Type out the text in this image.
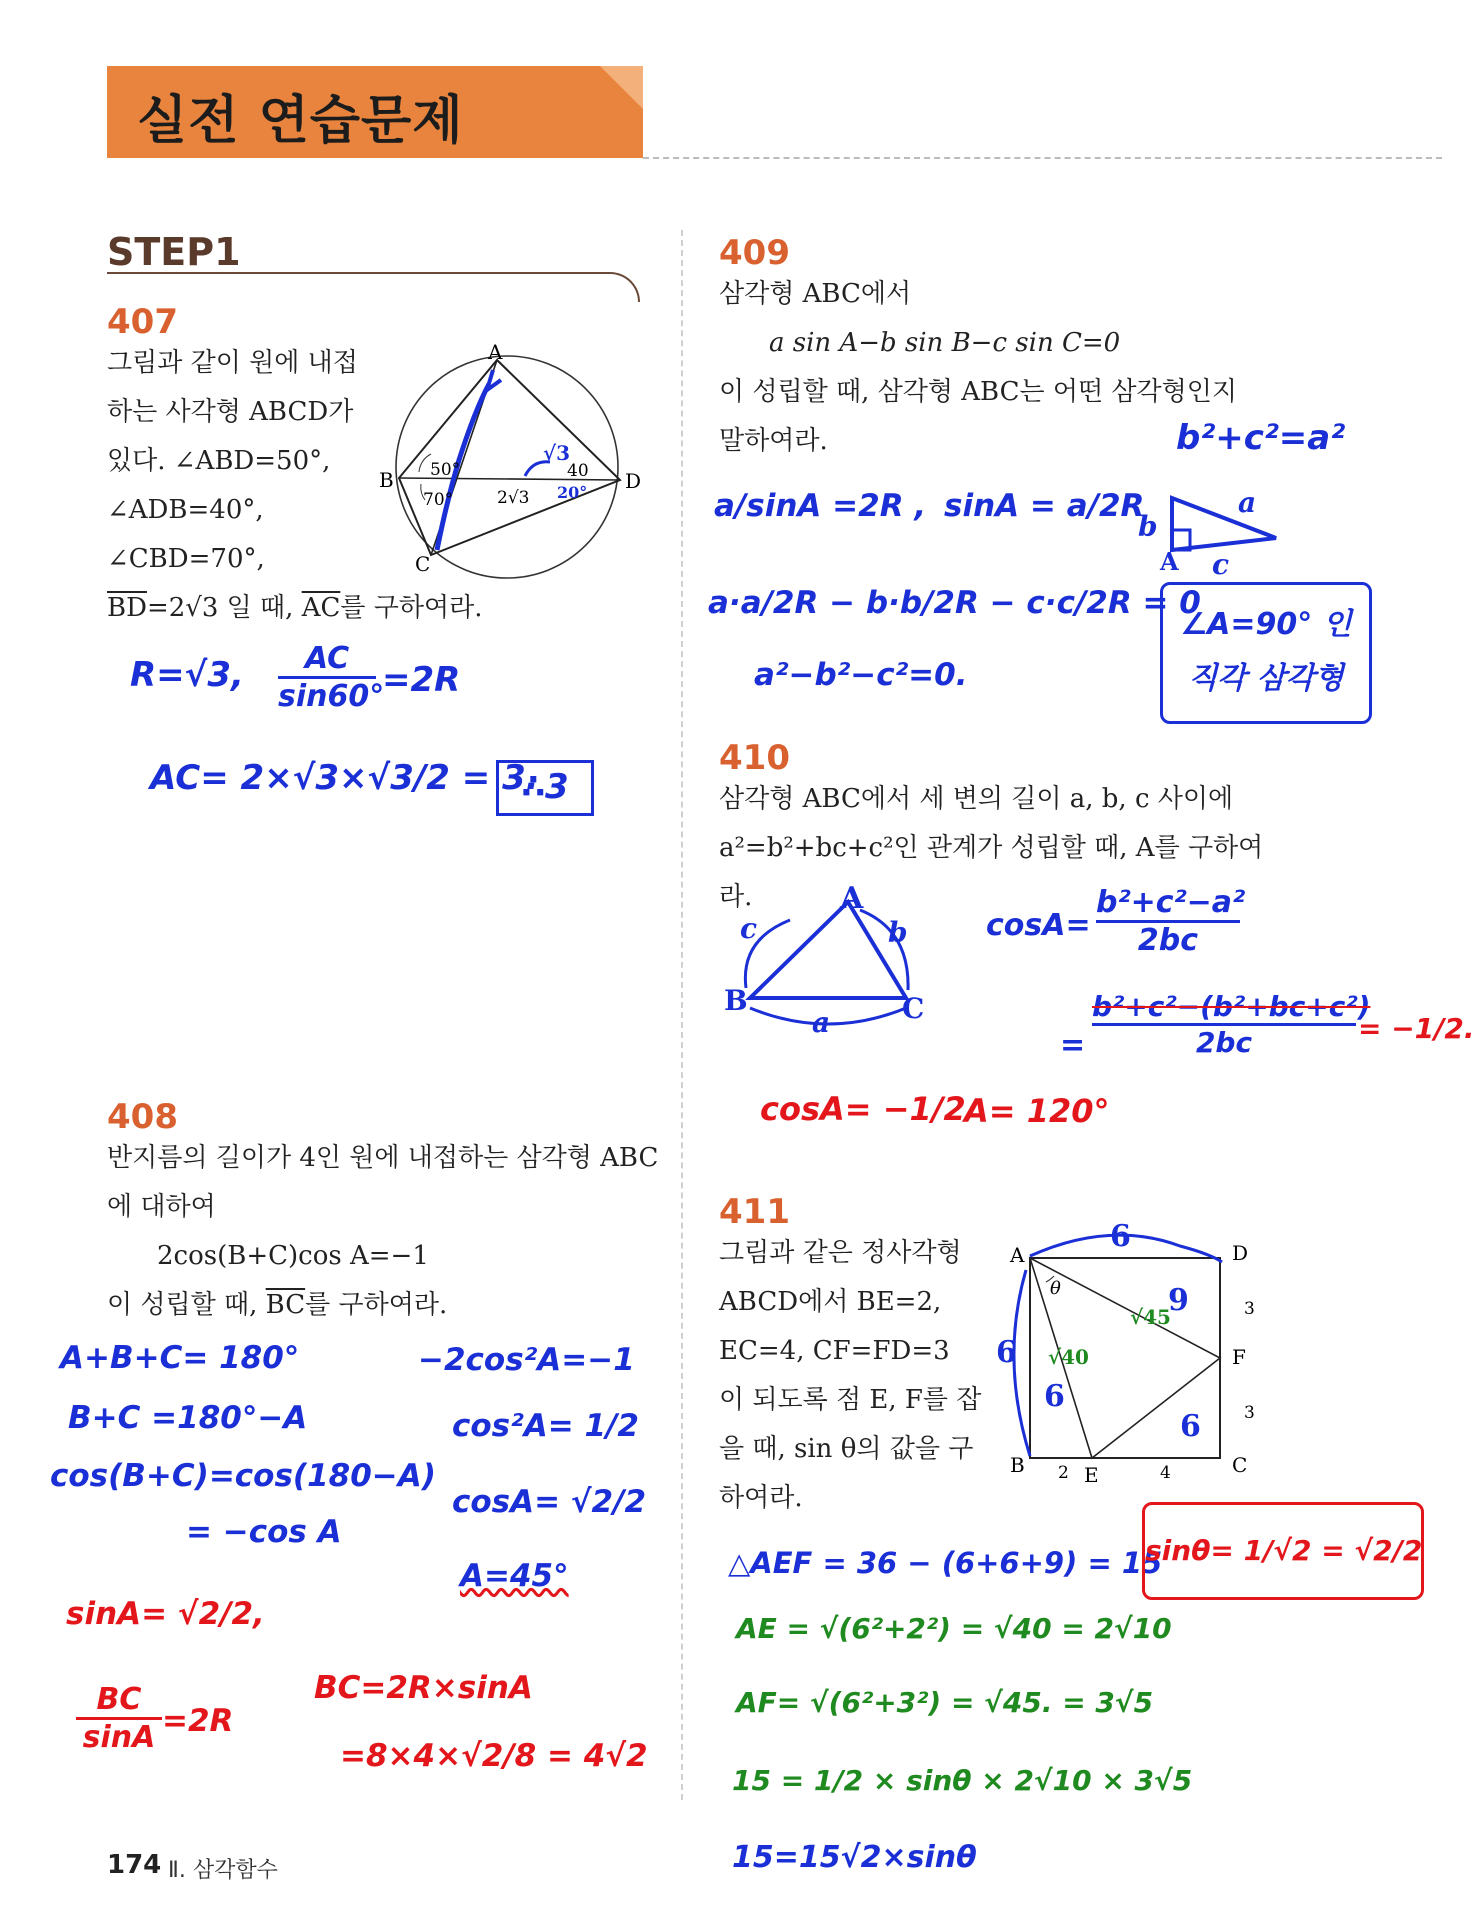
실전 연습문제
STEP1
407
그림과 같이 원에 내접
하는 사각형 ABCD가
있다. ∠ABD=50°,
∠ADB=40°,
∠CBD=70°,
$\overline{BD}=2√3$ 일 때, $\overline{AC}$를 구하여라.
A
B
C
D
50°
70°
40
2√3
√3
20°
R=√3, $\frac{AC}{\sin 60^\circ} =2R$
AC= 2×√3×√3/2 = 3.
∴3
408
반지름의 길이가 4인 원에 내접하는 삼각형 ABC
에 대하여
2cos(B+C)cos A=−1
이 성립할 때, $\overline{BC}$를 구하여라.
A+B+C= 180°
B+C =180°−A
cos(B+C)=cos(180−A)
= −cos A
−2cos²A=−1
cos²A= 1/2
cosA= √2/2
A=45°
sinA= √2/2,
$\frac{BC}{\sin A} =2R$
BC=2R×sinA
=8×4×√2/8 = 4√2
409
삼각형 ABC에서
a sin A−b sin B−c sin C=0
이 성립할 때, 삼각형 ABC는 어떤 삼각형인지
말하여라.	b²+c²=a²
a/sinA =2R , sinA = a/2R
a·a/2R − b·b/2R − c·c/2R = 0
a²−b²−c²=0.
a
b
c
A
∠A=90° 인
직각 삼각형
410
삼각형 ABC에서 세 변의 길이 a, b, c 사이에
a²=b²+bc+c²인 관계가 성립할 때, A를 구하여
라.	A
B	C
c	b
a
$\cos A= \frac{\text{b²+c²−a²}}{2bc}$
= $\frac{\text{b²+c²−(b²+bc+c²)}}{2bc} = -1/2$.
cosA= −1/2
A= 120°
411
그림과 같은 정사각형
ABCD에서 BE=2,
EC=4, CF=FD=3
이 되도록 점 E, F를 잡
을 때, sin θ의 값을 구
하여라.
A
B	C
D
E
F
θ
2	4
3
3
6
6
6
6
9
√45
√40
△AEF = 36 − (6+6+9) = 15
AE = √(6²+2²) = √40 = 2√10
AF= √(6²+3²) = √45. = 3√5
15 = 1/2 × sinθ × 2√10 × 3√5
15=15√2×sinθ
sinθ= 1/√2 = √2/2
174 Ⅱ. 삼각함수
